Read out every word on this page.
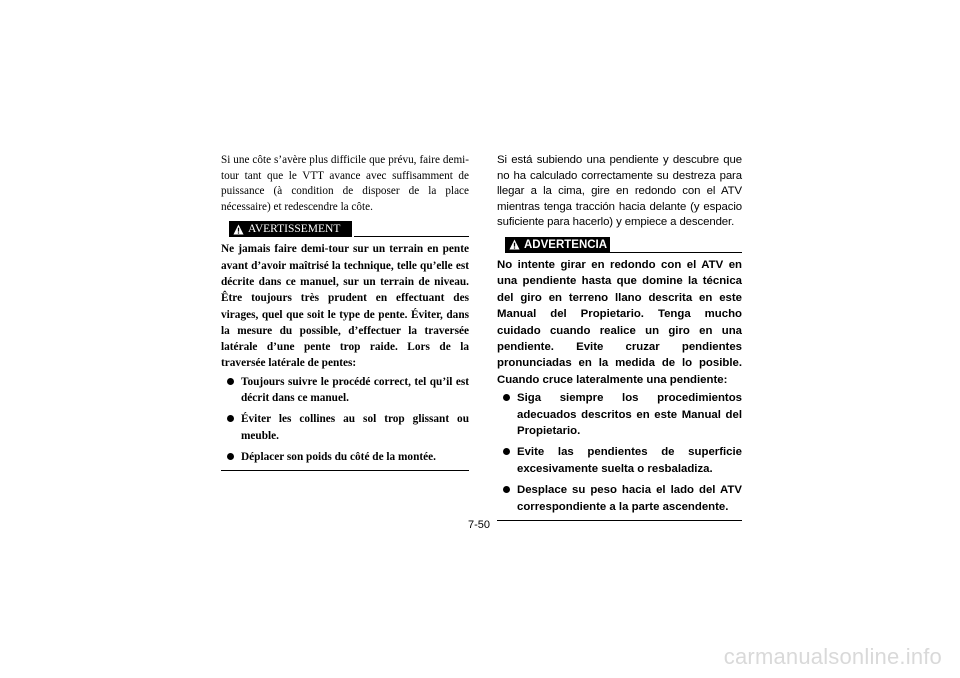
Si une côte s’avère plus difficile que prévu, faire demi-tour tant que le VTT avance avec suffisamment de puissance (à condition de disposer de la place nécessaire) et redescendre la côte.

AVERTISSEMENT

Ne jamais faire demi-tour sur un terrain en pente avant d’avoir maîtrisé la technique, telle qu’elle est décrite dans ce manuel, sur un terrain de niveau. Être toujours très prudent en effectuant des virages, quel que soit le type de pente. Éviter, dans la mesure du possible, d’effectuer la traversée latérale d’une pente trop raide. Lors de la traversée latérale de pentes:

Toujours suivre le procédé correct, tel qu’il est décrit dans ce manuel.
Éviter les collines au sol trop glissant ou meuble.
Déplacer son poids du côté de la montée.

Si está subiendo una pendiente y descubre que no ha calculado correctamente su destreza para llegar a la cima, gire en redondo con el ATV mientras tenga tracción hacia delante (y espacio suficiente para hacerlo) y empiece a descender.

ADVERTENCIA

No intente girar en redondo con el ATV en una pendiente hasta que domine la técnica del giro en terreno llano descrita en este Manual del Propietario. Tenga mucho cuidado cuando realice un giro en una pendiente. Evite cruzar pendientes pronunciadas en la medida de lo posible. Cuando cruce lateralmente una pendiente:

Siga siempre los procedimientos adecuados descritos en este Manual del Propietario.
Evite las pendientes de superficie excesivamente suelta o resbaladiza.
Desplace su peso hacia el lado del ATV correspondiente a la parte ascendente.
7-50
carmanualsonline.info
